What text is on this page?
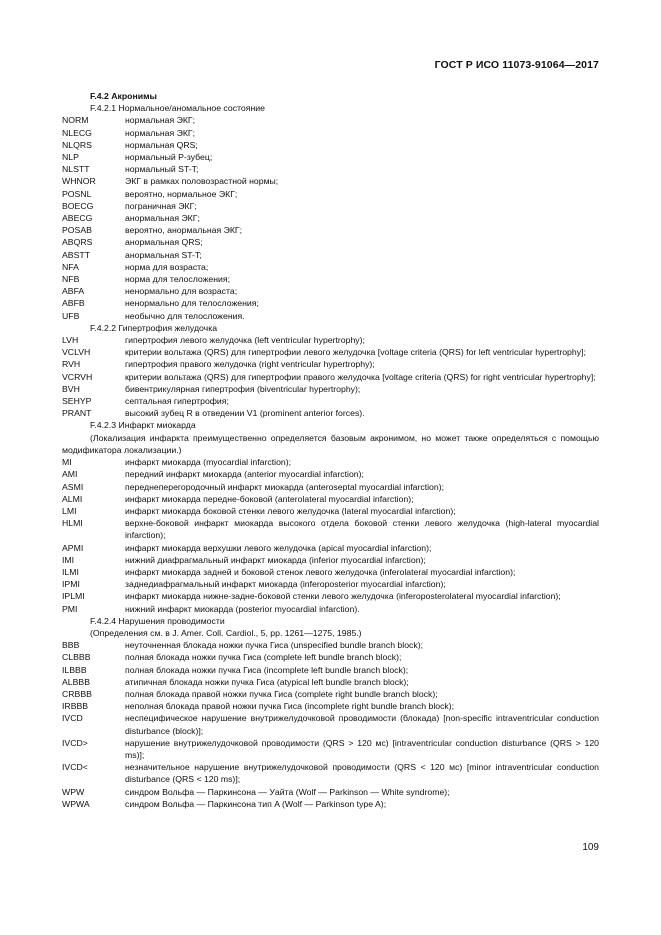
ГОСТ Р ИСО 11073-91064—2017
F.4.2 Акронимы
F.4.2.1 Нормальное/аномальное состояние
NORM	нормальная ЭКГ;
NLECG	нормальная ЭКГ;
NLQRS	нормальная QRS;
NLP	нормальный P-зубец;
NLSTT	нормальный ST-T;
WHNOR	ЭКГ в рамках половозрастной нормы;
POSNL	вероятно, нормальное ЭКГ;
BOECG	пограничная ЭКГ;
ABECG	анормальная ЭКГ;
POSAB	вероятно, анормальная ЭКГ;
ABQRS	анормальная QRS;
ABSTT	анормальная ST-T;
NFA	норма для возраста;
NFB	норма для телосложения;
ABFA	ненормально для возраста;
ABFB	ненормально для телосложения;
UFB	необычно для телосложения.
F.4.2.2 Гипертрофия желудочка
LVH	гипертрофия левого желудочка (left ventricular hypertrophy);
VCLVH	критерии вольтажа (QRS) для гипертрофии левого желудочка [voltage criteria (QRS) for left ventricular hypertrophy];
RVH	гипертрофия правого желудочка (right ventricular hypertrophy);
VCRVH	критерии вольтажа (QRS) для гипертрофии правого желудочка [voltage criteria (QRS) for right ventricular hypertrophy];
BVH	бивентрикулярная гипертрофия (biventricular hypertrophy);
SEHYP	септальная гипертрофия;
PRANT	высокий зубец R в отведении V1 (prominent anterior forces).
F.4.2.3 Инфаркт миокарда
(Локализация инфаркта преимущественно определяется базовым акронимом, но может также определяться с помощью модификатора локализации.)
MI	инфаркт миокарда (myocardial infarction);
AMI	передний инфаркт миокарда (anterior myocardial infarction);
ASMI	переднеперегородочный инфаркт миокарда (anteroseptal myocardial infarction);
ALMI	инфаркт миокарда передне-боковой (anterolateral myocardial infarction);
LMI	инфаркт миокарда боковой стенки левого желудочка (lateral myocardial infarction);
HLMI	верхне-боковой инфаркт миокарда высокого отдела боковой стенки левого желудочка (high-lateral myocardial infarction);
APMI	инфаркт миокарда верхушки левого желудочка (apical myocardial infarction);
IMI	нижний диафрагмальный инфаркт миокарда (inferior myocardial infarction);
ILMI	инфаркт миокарда задней и боковой стенок левого желудочка (inferolateral myocardial infarction);
IPMI	заднедиафрагмальный инфаркт миокарда (inferoposterior myocardial infarction);
IPLMI	инфаркт миокарда нижне-задне-боковой стенки левого желудочка (inferoposterolateral myocardial infarction);
PMI	нижний инфаркт миокарда (posterior myocardial infarction).
F.4.2.4 Нарушения проводимости
(Определения см. в J. Amer. Coll. Cardiol., 5, pp. 1261—1275, 1985.)
BBB	неуточненная блокада ножки пучка Гиса (unspecified bundle branch block);
CLBBB	полная блокада ножки пучка Гиса (complete left bundle branch block);
ILBBB	полная блокада ножки пучка Гиса (incomplete left bundle branch block);
ALBBB	атипичная блокада ножки пучка Гиса (atypical left bundle branch block);
CRBBB	полная блокада правой ножки пучка Гиса (complete right bundle branch block);
IRBBB	неполная блокада правой ножки пучка Гиса (incomplete right bundle branch block);
IVCD	неспецифическое нарушение внутрижелудочковой проводимости (блокада) [non-specific intraventricular conduction disturbance (block)];
IVCD>	нарушение внутрижелудочковой проводимости (QRS > 120 мс) [intraventricular conduction disturbance (QRS > 120 ms)];
IVCD<	незначительное нарушение внутрижелудочковой проводимости (QRS < 120 мс) [minor intraventricular conduction disturbance (QRS < 120 ms)];
WPW	синдром Вольфа — Паркинсона — Уайта (Wolf — Parkinson — White syndrome);
WPWA	синдром Вольфа — Паркинсона тип A (Wolf — Parkinson type A);
109
